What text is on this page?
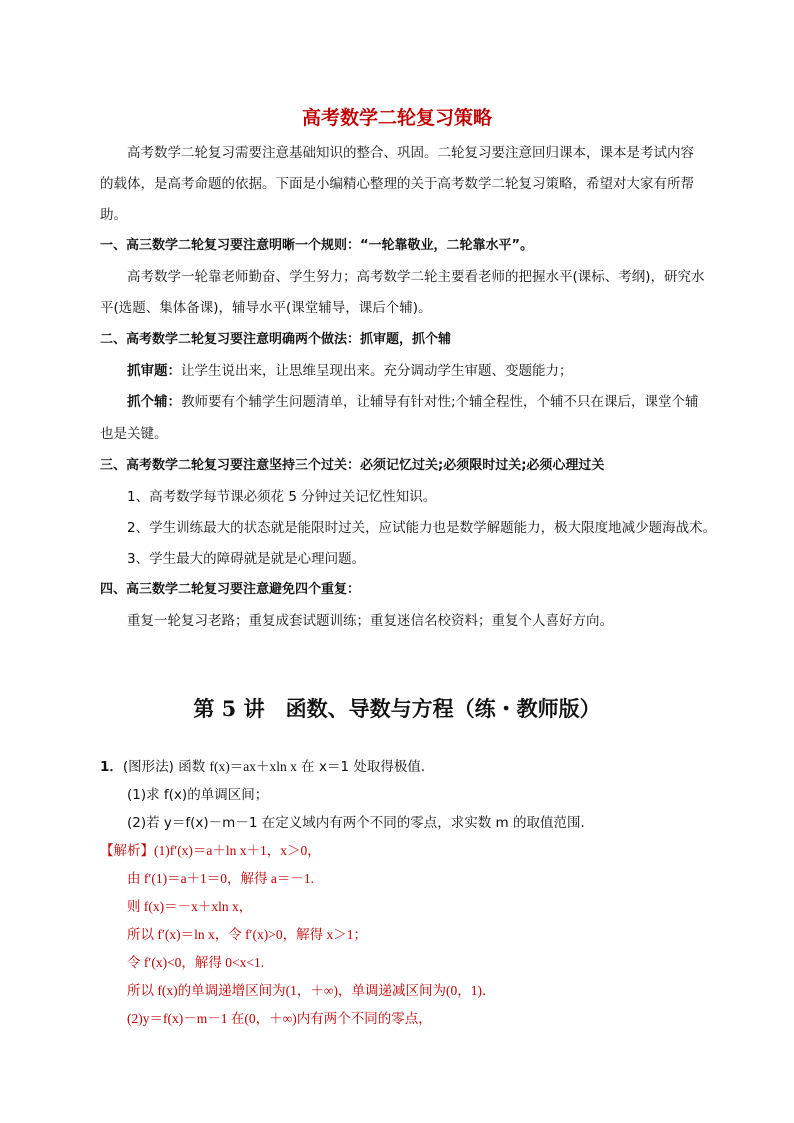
高考数学二轮复习策略
高考数学二轮复习需要注意基础知识的整合、巩固。二轮复习要注意回归课本，课本是考试内容
的载体，是高考命题的依据。下面是小编精心整理的关于高考数学二轮复习策略，希望对大家有所帮
助。
一、高三数学二轮复习要注意明晰一个规则：“一轮靠敬业，二轮靠水平”。
高考数学一轮靠老师勤奋、学生努力；高考数学二轮主要看老师的把握水平(课标、考纲)，研究水
平(选题、集体备课)，辅导水平(课堂辅导，课后个辅)。
二、高考数学二轮复习要注意明确两个做法：抓审题，抓个辅
抓审题：让学生说出来，让思维呈现出来。充分调动学生审题、变题能力；
抓个辅：教师要有个辅学生问题清单，让辅导有针对性;个辅全程性，个辅不只在课后，课堂个辅
也是关键。
三、高考数学二轮复习要注意坚持三个过关：必须记忆过关;必须限时过关;必须心理过关
1、高考数学每节课必须花 5 分钟过关记忆性知识。
2、学生训练最大的状态就是能限时过关，应试能力也是数学解题能力，极大限度地减少题海战术。
3、学生最大的障碍就是就是心理问题。
四、高三数学二轮复习要注意避免四个重复：
重复一轮复习老路；重复成套试题训练；重复迷信名校资料；重复个人喜好方向。
第 5 讲　函数、导数与方程（练・教师版）
1．(图形法) 函数 f(x)＝ax＋xln x 在 x＝1 处取得极值．
(1)求 f(x)的单调区间；
(2)若 y＝f(x)－m－1 在定义域内有两个不同的零点，求实数 m 的取值范围．
【解析】(1)f′(x)＝a＋ln x＋1，x＞0，
由 f′(1)＝a＋1＝0，解得 a＝－1.
则 f(x)＝－x＋xln x，
所以 f′(x)＝ln x，令 f′(x)>0，解得 x＞1；
令 f′(x)<0，解得 0<x<1.
所以 f(x)的单调递增区间为(1，＋∞)，单调递减区间为(0，1)．
(2)y＝f(x)－m－1 在(0，＋∞)内有两个不同的零点，
